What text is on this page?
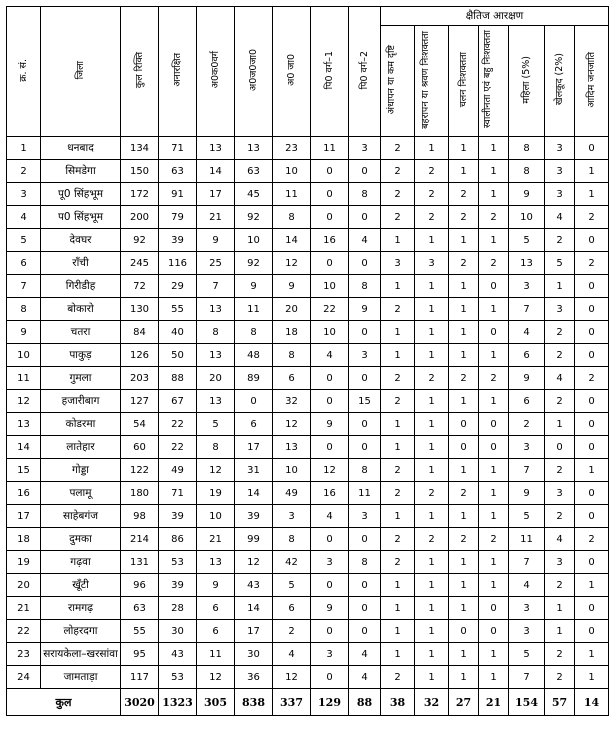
क्र. सं.	जिला	कुल रिक्ति	अनारक्षित	अ0क0वर्ग	अ0ज0जा0	अ0 जा0	पि0 वर्ग–1	पि0 वर्ग–2	क्षैतिज आरक्षण						
									अंधापन या कम दृष्टि	बहरापन या श्रवण निःशक्तता	चलन निःशक्तता	स्वालीनता एवं बहु निःशक्तता	महिला (5%)	खेलकूद (2%)	आदिम जनजाति
1	धनबाद	134	71	13	13	23	11	3	2	1	1	1	8	3	0
2	सिमडेगा	150	63	14	63	10	0	0	2	2	1	1	8	3	1
3	पू0 सिंहभूम	172	91	17	45	11	0	8	2	2	2	1	9	3	1
4	प0 सिंहभूम	200	79	21	92	8	0	0	2	2	2	2	10	4	2
5	देवघर	92	39	9	10	14	16	4	1	1	1	1	5	2	0
6	राँची	245	116	25	92	12	0	0	3	3	2	2	13	5	2
7	गिरीडीह	72	29	7	9	9	10	8	1	1	1	0	3	1	0
8	बोकारो	130	55	13	11	20	22	9	2	1	1	1	7	3	0
9	चतरा	84	40	8	8	18	10	0	1	1	1	0	4	2	0
10	पाकुड़	126	50	13	48	8	4	3	1	1	1	1	6	2	0
11	गुमला	203	88	20	89	6	0	0	2	2	2	2	9	4	2
12	हजारीबाग	127	67	13	0	32	0	15	2	1	1	1	6	2	0
13	कोडरमा	54	22	5	6	12	9	0	1	1	0	0	2	1	0
14	लातेहार	60	22	8	17	13	0	0	1	1	0	0	3	0	0
15	गोड्डा	122	49	12	31	10	12	8	2	1	1	1	7	2	1
16	पलामू	180	71	19	14	49	16	11	2	2	2	1	9	3	0
17	साहेबगंज	98	39	10	39	3	4	3	1	1	1	1	5	2	0
18	दुमका	214	86	21	99	8	0	0	2	2	2	2	11	4	2
19	गढ़वा	131	53	13	12	42	3	8	2	1	1	1	7	3	0
20	खूँटी	96	39	9	43	5	0	0	1	1	1	1	4	2	1
21	रामगढ़	63	28	6	14	6	9	0	1	1	1	0	3	1	0
22	लोहरदगा	55	30	6	17	2	0	0	1	1	0	0	3	1	0
23	सरायकेला–खरसांवा	95	43	11	30	4	3	4	1	1	1	1	5	2	1
24	जामताड़ा	117	53	12	36	12	0	4	2	1	1	1	7	2	1
कुल		3020	1323	305	838	337	129	88	38	32	27	21	154	57	14
